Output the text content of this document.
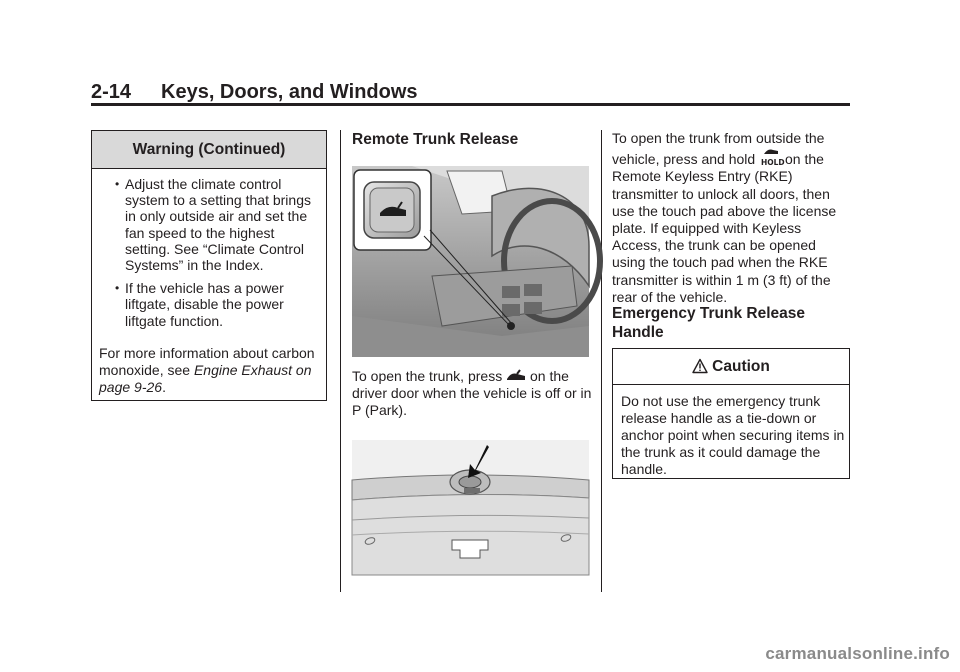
2-14 Keys, Doors, and Windows
Warning (Continued)
• Adjust the climate control system to a setting that brings in only outside air and set the fan speed to the highest setting. See “Climate Control Systems” in the Index.
• If the vehicle has a power liftgate, disable the power liftgate function.
For more information about carbon monoxide, see Engine Exhaust on page 9-26.
Remote Trunk Release
To open the trunk, press on the driver door when the vehicle is off or in P (Park).
To open the trunk from outside the vehicle, press and hold HOLD on the Remote Keyless Entry (RKE) transmitter to unlock all doors, then use the touch pad above the license plate. If equipped with Keyless Access, the trunk can be opened using the touch pad when the RKE transmitter is within 1 m (3 ft) of the rear of the vehicle.
Emergency Trunk Release Handle
Caution
Do not use the emergency trunk release handle as a tie-down or anchor point when securing items in the trunk as it could damage the handle.
carmanualsonline.info
